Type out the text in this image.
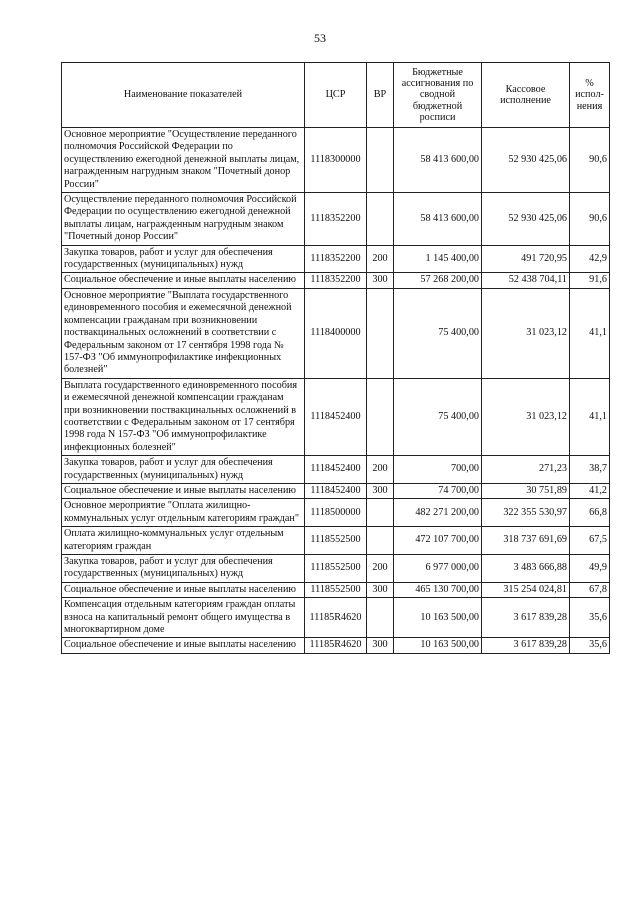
53
Наименование показателей	ЦСР	ВР	Бюджетные ассигнования по сводной бюджетной росписи	Кассовое исполнение	% испол-нения
Основное мероприятие "Осуществление переданного полномочия Российской Федерации по осуществлению ежегодной денежной выплаты лицам, награжденным нагрудным знаком "Почетный донор России"	1118300000		58 413 600,00	52 930 425,06	90,6
Осуществление переданного полномочия Российской Федерации по осуществлению ежегодной денежной выплаты лицам, награжденным нагрудным знаком "Почетный донор России"	1118352200		58 413 600,00	52 930 425,06	90,6
Закупка товаров, работ и услуг для обеспечения государственных (муниципальных) нужд	1118352200	200	1 145 400,00	491 720,95	42,9
Социальное обеспечение и иные выплаты населению	1118352200	300	57 268 200,00	52 438 704,11	91,6
Основное мероприятие "Выплата государственного единовременного пособия и ежемесячной денежной компенсации гражданам при возникновении поствакцинальных осложнений в соответствии с Федеральным законом от 17 сентября 1998 года № 157-ФЗ "Об иммунопрофилактике инфекционных болезней"	1118400000		75 400,00	31 023,12	41,1
Выплата государственного единовременного пособия и ежемесячной денежной компенсации гражданам при возникновении поствакцинальных осложнений в соответствии с Федеральным законом от 17 сентября 1998 года N 157-ФЗ "Об иммунопрофилактике инфекционных болезней"	1118452400		75 400,00	31 023,12	41,1
Закупка товаров, работ и услуг для обеспечения государственных (муниципальных) нужд	1118452400	200	700,00	271,23	38,7
Социальное обеспечение и иные выплаты населению	1118452400	300	74 700,00	30 751,89	41,2
Основное мероприятие "Оплата жилищно-коммунальных услуг отдельным категориям граждан"	1118500000		482 271 200,00	322 355 530,97	66,8
Оплата жилищно-коммунальных услуг отдельным категориям граждан	1118552500		472 107 700,00	318 737 691,69	67,5
Закупка товаров, работ и услуг для обеспечения государственных (муниципальных) нужд	1118552500	200	6 977 000,00	3 483 666,88	49,9
Социальное обеспечение и иные выплаты населению	1118552500	300	465 130 700,00	315 254 024,81	67,8
Компенсация отдельным категориям граждан оплаты взноса на капитальный ремонт общего имущества в многоквартирном доме	11185R4620		10 163 500,00	3 617 839,28	35,6
Социальное обеспечение и иные выплаты населению	11185R4620	300	10 163 500,00	3 617 839,28	35,6
